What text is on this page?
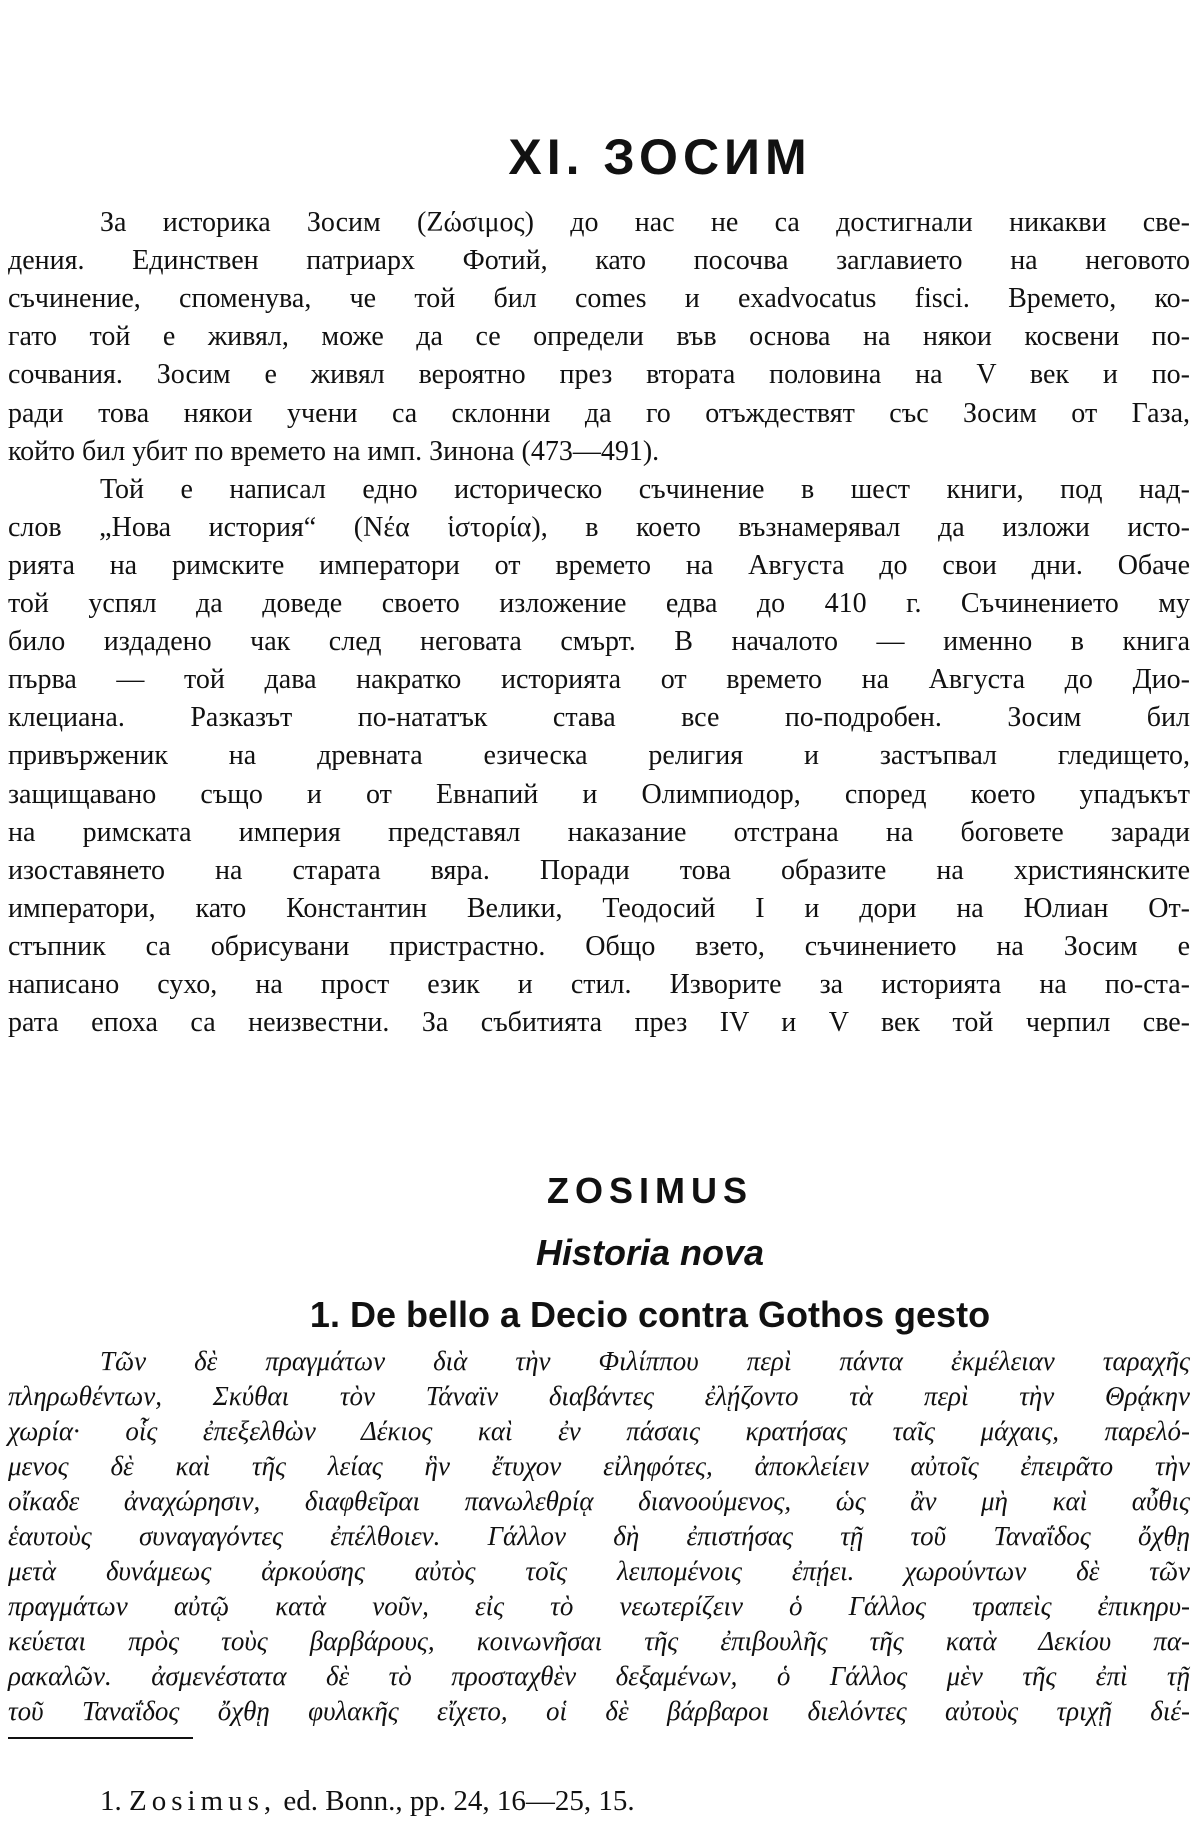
XI. ЗОСИМ
За историка Зосим (Ζώσιμος) до нас не са достигнали никакви све-
дения. Единствен патриарх Фотий, като посочва заглавието на неговото
съчинение, споменува, че той бил comes и exadvocatus fisci. Времето, ко-
гато той е живял, може да се определи във основа на някои косвени по-
сочвания. Зосим е живял вероятно през втората половина на V век и по-
ради това някои учени са склонни да го отъждествят със Зосим от Газа,
който бил убит по времето на имп. Зинона (473—491).
Той е написал едно историческо съчинение в шест книги, под над-
слов „Нова история“ (Νέα ἱστορία), в което възнамерявал да изложи исто-
рията на римските императори от времето на Августа до свои дни. Обаче
той успял да доведе своето изложение едва до 410 г. Съчинението му
било издадено чак след неговата смърт. В началото — именно в книга
първа — той дава накратко историята от времето на Августа до Дио-
клециана. Разказът по-нататък става все по-подробен. Зосим бил
привърженик на древната езическа религия и застъпвал гледището,
защищавано също и от Евнапий и Олимпиодор, според което упадъкът
на римската империя представял наказание отстрана на боговете заради
изоставянето на старата вяра. Поради това образите на християнските
императори, като Константин Велики, Теодосий I и дори на Юлиан От-
стъпник са обрисувани пристрастно. Общо взето, съчинението на Зосим е
написано сухо, на прост език и стил. Изворите за историята на по-ста-
рата епоха са неизвестни. За събитията през IV и V век той черпил све-
ZOSIMUS
Historia nova
1. De bello a Decio contra Gothos gesto
Τῶν δὲ πραγμάτων διὰ τὴν Φιλίππου περὶ πάντα ἐκμέλειαν ταραχῆς
πληρωθέντων, Σκύθαι τὸν Τάναϊν διαβάντες ἐλῄζοντο τὰ περὶ τὴν Θρᾴκην
χωρία· οἷς ἐπεξελθὼν Δέκιος καὶ ἐν πάσαις κρατήσας ταῖς μάχαις, παρελό-
μενος δὲ καὶ τῆς λείας ἣν ἔτυχον εἰληφότες, ἀποκλείειν αὐτοῖς ἐπειρᾶτο τὴν
οἴκαδε ἀναχώρησιν, διαφθεῖραι πανωλεθρίᾳ διανοούμενος, ὡς ἂν μὴ καὶ αὖθις
ἑαυτοὺς συναγαγόντες ἐπέλθοιεν. Γάλλον δὴ ἐπιστήσας τῇ τοῦ Ταναΐδος ὄχθῃ
μετὰ δυνάμεως ἀρκούσης αὐτὸς τοῖς λειπομένοις ἐπῄει. χωρούντων δὲ τῶν
πραγμάτων αὐτῷ κατὰ νοῦν, εἰς τὸ νεωτερίζειν ὁ Γάλλος τραπεὶς ἐπικηρυ-
κεύεται πρὸς τοὺς βαρβάρους, κοινωνῆσαι τῆς ἐπιβουλῆς τῆς κατὰ Δεκίου πα-
ρακαλῶν. ἀσμενέστατα δὲ τὸ προσταχθὲν δεξαμένων, ὁ Γάλλος μὲν τῆς ἐπὶ τῇ
τοῦ Ταναΐδος ὄχθῃ φυλακῆς εἴχετο, οἱ δὲ βάρβαροι διελόντες αὐτοὺς τριχῇ διέ-
1. Zosimus, ed. Bonn., pp. 24, 16—25, 15.
